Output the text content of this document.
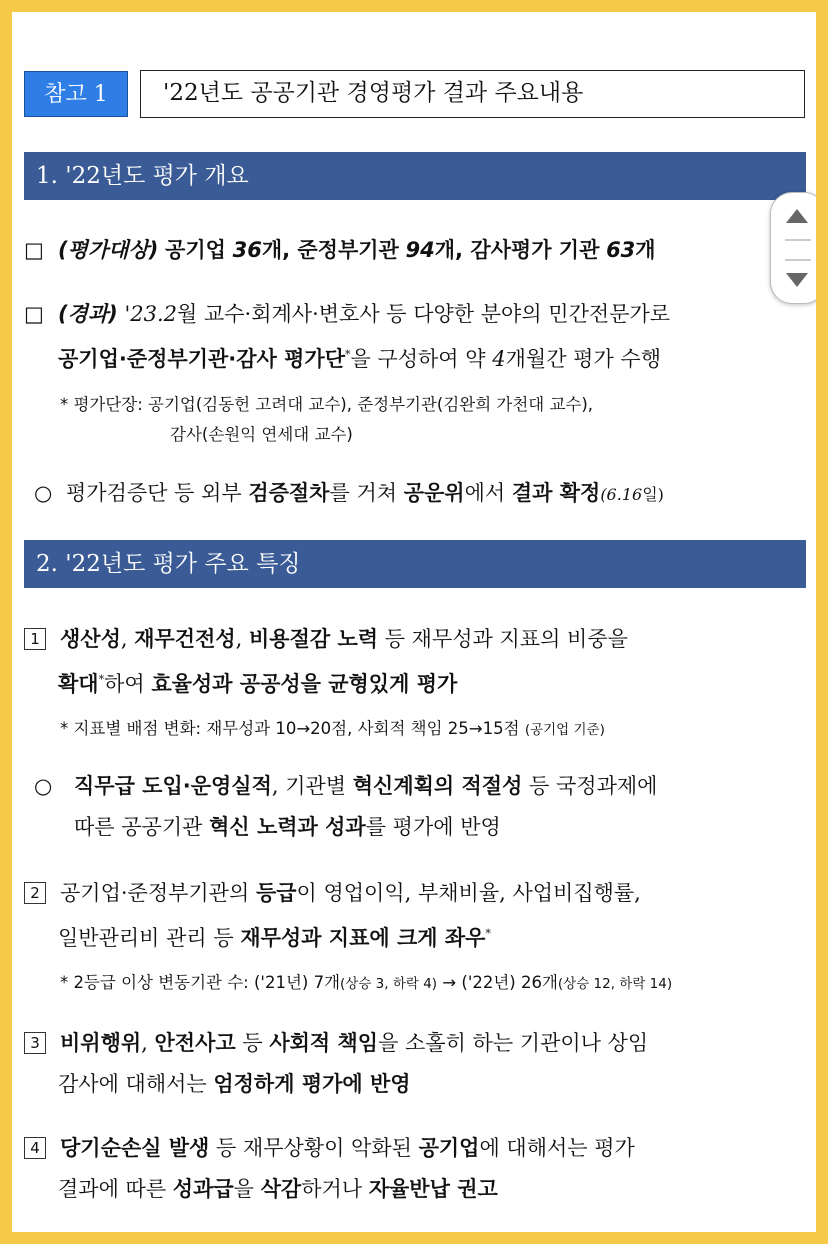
참고 1	'22년도 공공기관 경영평가 결과 주요내용
1. '22년도 평가 개요
□ (평가대상) 공기업 36개, 준정부기관 94개, 감사평가 기관 63개
□ (경과) '23.2월 교수·회계사·변호사 등 다양한 분야의 민간전문가로
공기업·준정부기관·감사 평가단*을 구성하여 약 4개월간 평가 수행
* 평가단장: 공기업(김동헌 고려대 교수), 준정부기관(김완희 가천대 교수),
감사(손원익 연세대 교수)
○ 평가검증단 등 외부 검증절차를 거쳐 공운위에서 결과 확정(6.16일)
2. '22년도 평가 주요 특징
1 생산성, 재무건전성, 비용절감 노력 등 재무성과 지표의 비중을
확대*하여 효율성과 공공성을 균형있게 평가
* 지표별 배점 변화: 재무성과 10→20점, 사회적 책임 25→15점 (공기업 기준)
○ 직무급 도입·운영실적, 기관별 혁신계획의 적절성 등 국정과제에
따른 공공기관 혁신 노력과 성과를 평가에 반영
2 공기업·준정부기관의 등급이 영업이익, 부채비율, 사업비집행률,
일반관리비 관리 등 재무성과 지표에 크게 좌우*
* 2등급 이상 변동기관 수: ('21년) 7개(상승 3, 하락 4) → ('22년) 26개(상승 12, 하락 14)
3 비위행위, 안전사고 등 사회적 책임을 소홀히 하는 기관이나 상임
감사에 대해서는 엄정하게 평가에 반영
4 당기순손실 발생 등 재무상황이 악화된 공기업에 대해서는 평가
결과에 따른 성과급을 삭감하거나 자율반납 권고
